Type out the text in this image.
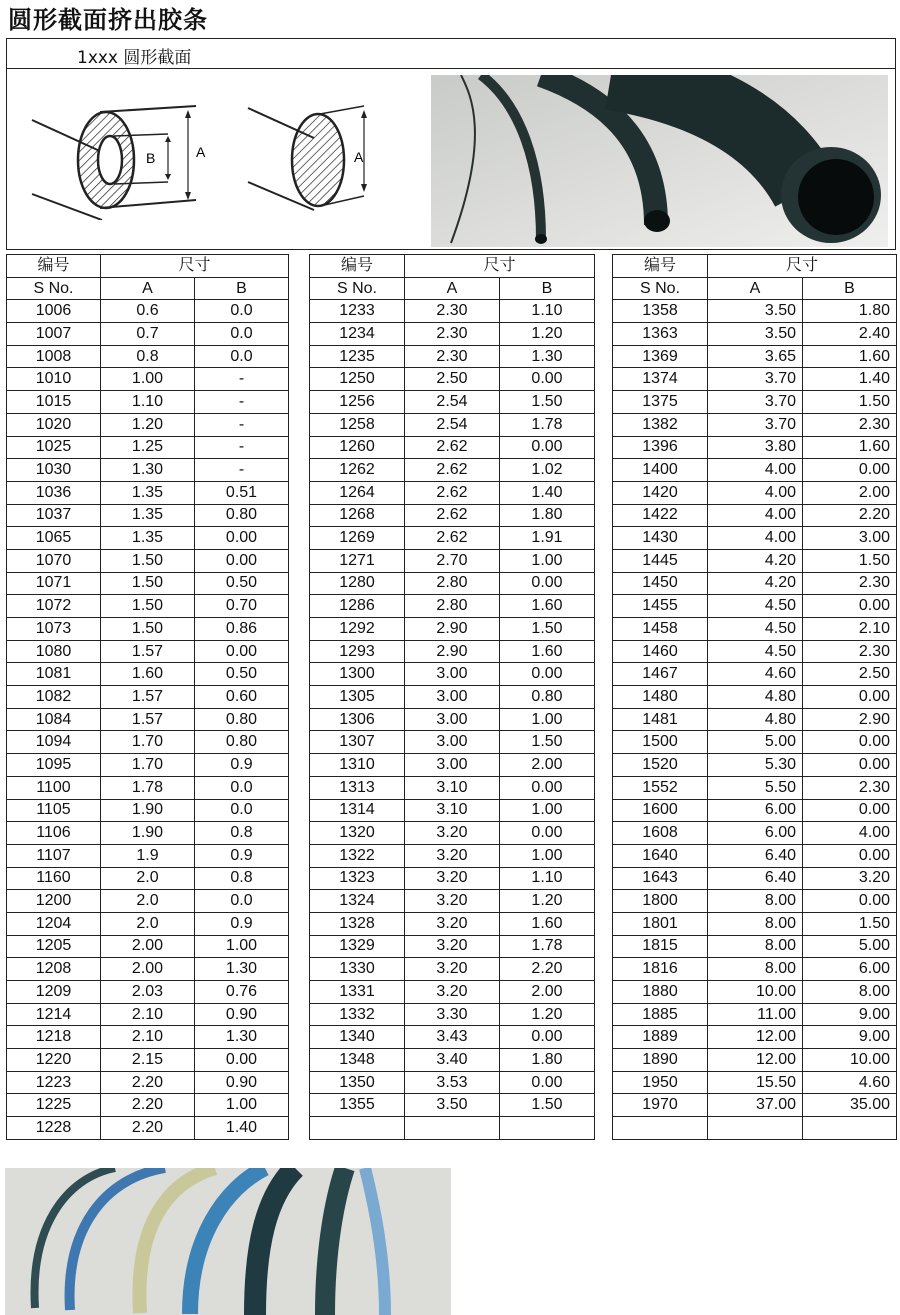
圆形截面挤出胶条
1xxx 圆形截面
B	A	A
编号	尺寸	
S No.	A	B
1006	0.6	0.0
1007	0.7	0.0
1008	0.8	0.0
1010	1.00	-
1015	1.10	-
1020	1.20	-
1025	1.25	-
1030	1.30	-
1036	1.35	0.51
1037	1.35	0.80
1065	1.35	0.00
1070	1.50	0.00
1071	1.50	0.50
1072	1.50	0.70
1073	1.50	0.86
1080	1.57	0.00
1081	1.60	0.50
1082	1.57	0.60
1084	1.57	0.80
1094	1.70	0.80
1095	1.70	0.9
1100	1.78	0.0
1105	1.90	0.0
1106	1.90	0.8
1107	1.9	0.9
1160	2.0	0.8
1200	2.0	0.0
1204	2.0	0.9
1205	2.00	1.00
1208	2.00	1.30
1209	2.03	0.76
1214	2.10	0.90
1218	2.10	1.30
1220	2.15	0.00
1223	2.20	0.90
1225	2.20	1.00
1228	2.20	1.40
编号	尺寸	
S No.	A	B
1233	2.30	1.10
1234	2.30	1.20
1235	2.30	1.30
1250	2.50	0.00
1256	2.54	1.50
1258	2.54	1.78
1260	2.62	0.00
1262	2.62	1.02
1264	2.62	1.40
1268	2.62	1.80
1269	2.62	1.91
1271	2.70	1.00
1280	2.80	0.00
1286	2.80	1.60
1292	2.90	1.50
1293	2.90	1.60
1300	3.00	0.00
1305	3.00	0.80
1306	3.00	1.00
1307	3.00	1.50
1310	3.00	2.00
1313	3.10	0.00
1314	3.10	1.00
1320	3.20	0.00
1322	3.20	1.00
1323	3.20	1.10
1324	3.20	1.20
1328	3.20	1.60
1329	3.20	1.78
1330	3.20	2.20
1331	3.20	2.00
1332	3.30	1.20
1340	3.43	0.00
1348	3.40	1.80
1350	3.53	0.00
1355	3.50	1.50

编号	尺寸	
S No.	A	B
1358	3.50	1.80
1363	3.50	2.40
1369	3.65	1.60
1374	3.70	1.40
1375	3.70	1.50
1382	3.70	2.30
1396	3.80	1.60
1400	4.00	0.00
1420	4.00	2.00
1422	4.00	2.20
1430	4.00	3.00
1445	4.20	1.50
1450	4.20	2.30
1455	4.50	0.00
1458	4.50	2.10
1460	4.50	2.30
1467	4.60	2.50
1480	4.80	0.00
1481	4.80	2.90
1500	5.00	0.00
1520	5.30	0.00
1552	5.50	2.30
1600	6.00	0.00
1608	6.00	4.00
1640	6.40	0.00
1643	6.40	3.20
1800	8.00	0.00
1801	8.00	1.50
1815	8.00	5.00
1816	8.00	6.00
1880	10.00	8.00
1885	11.00	9.00
1889	12.00	9.00
1890	12.00	10.00
1950	15.50	4.60
1970	37.00	35.00
